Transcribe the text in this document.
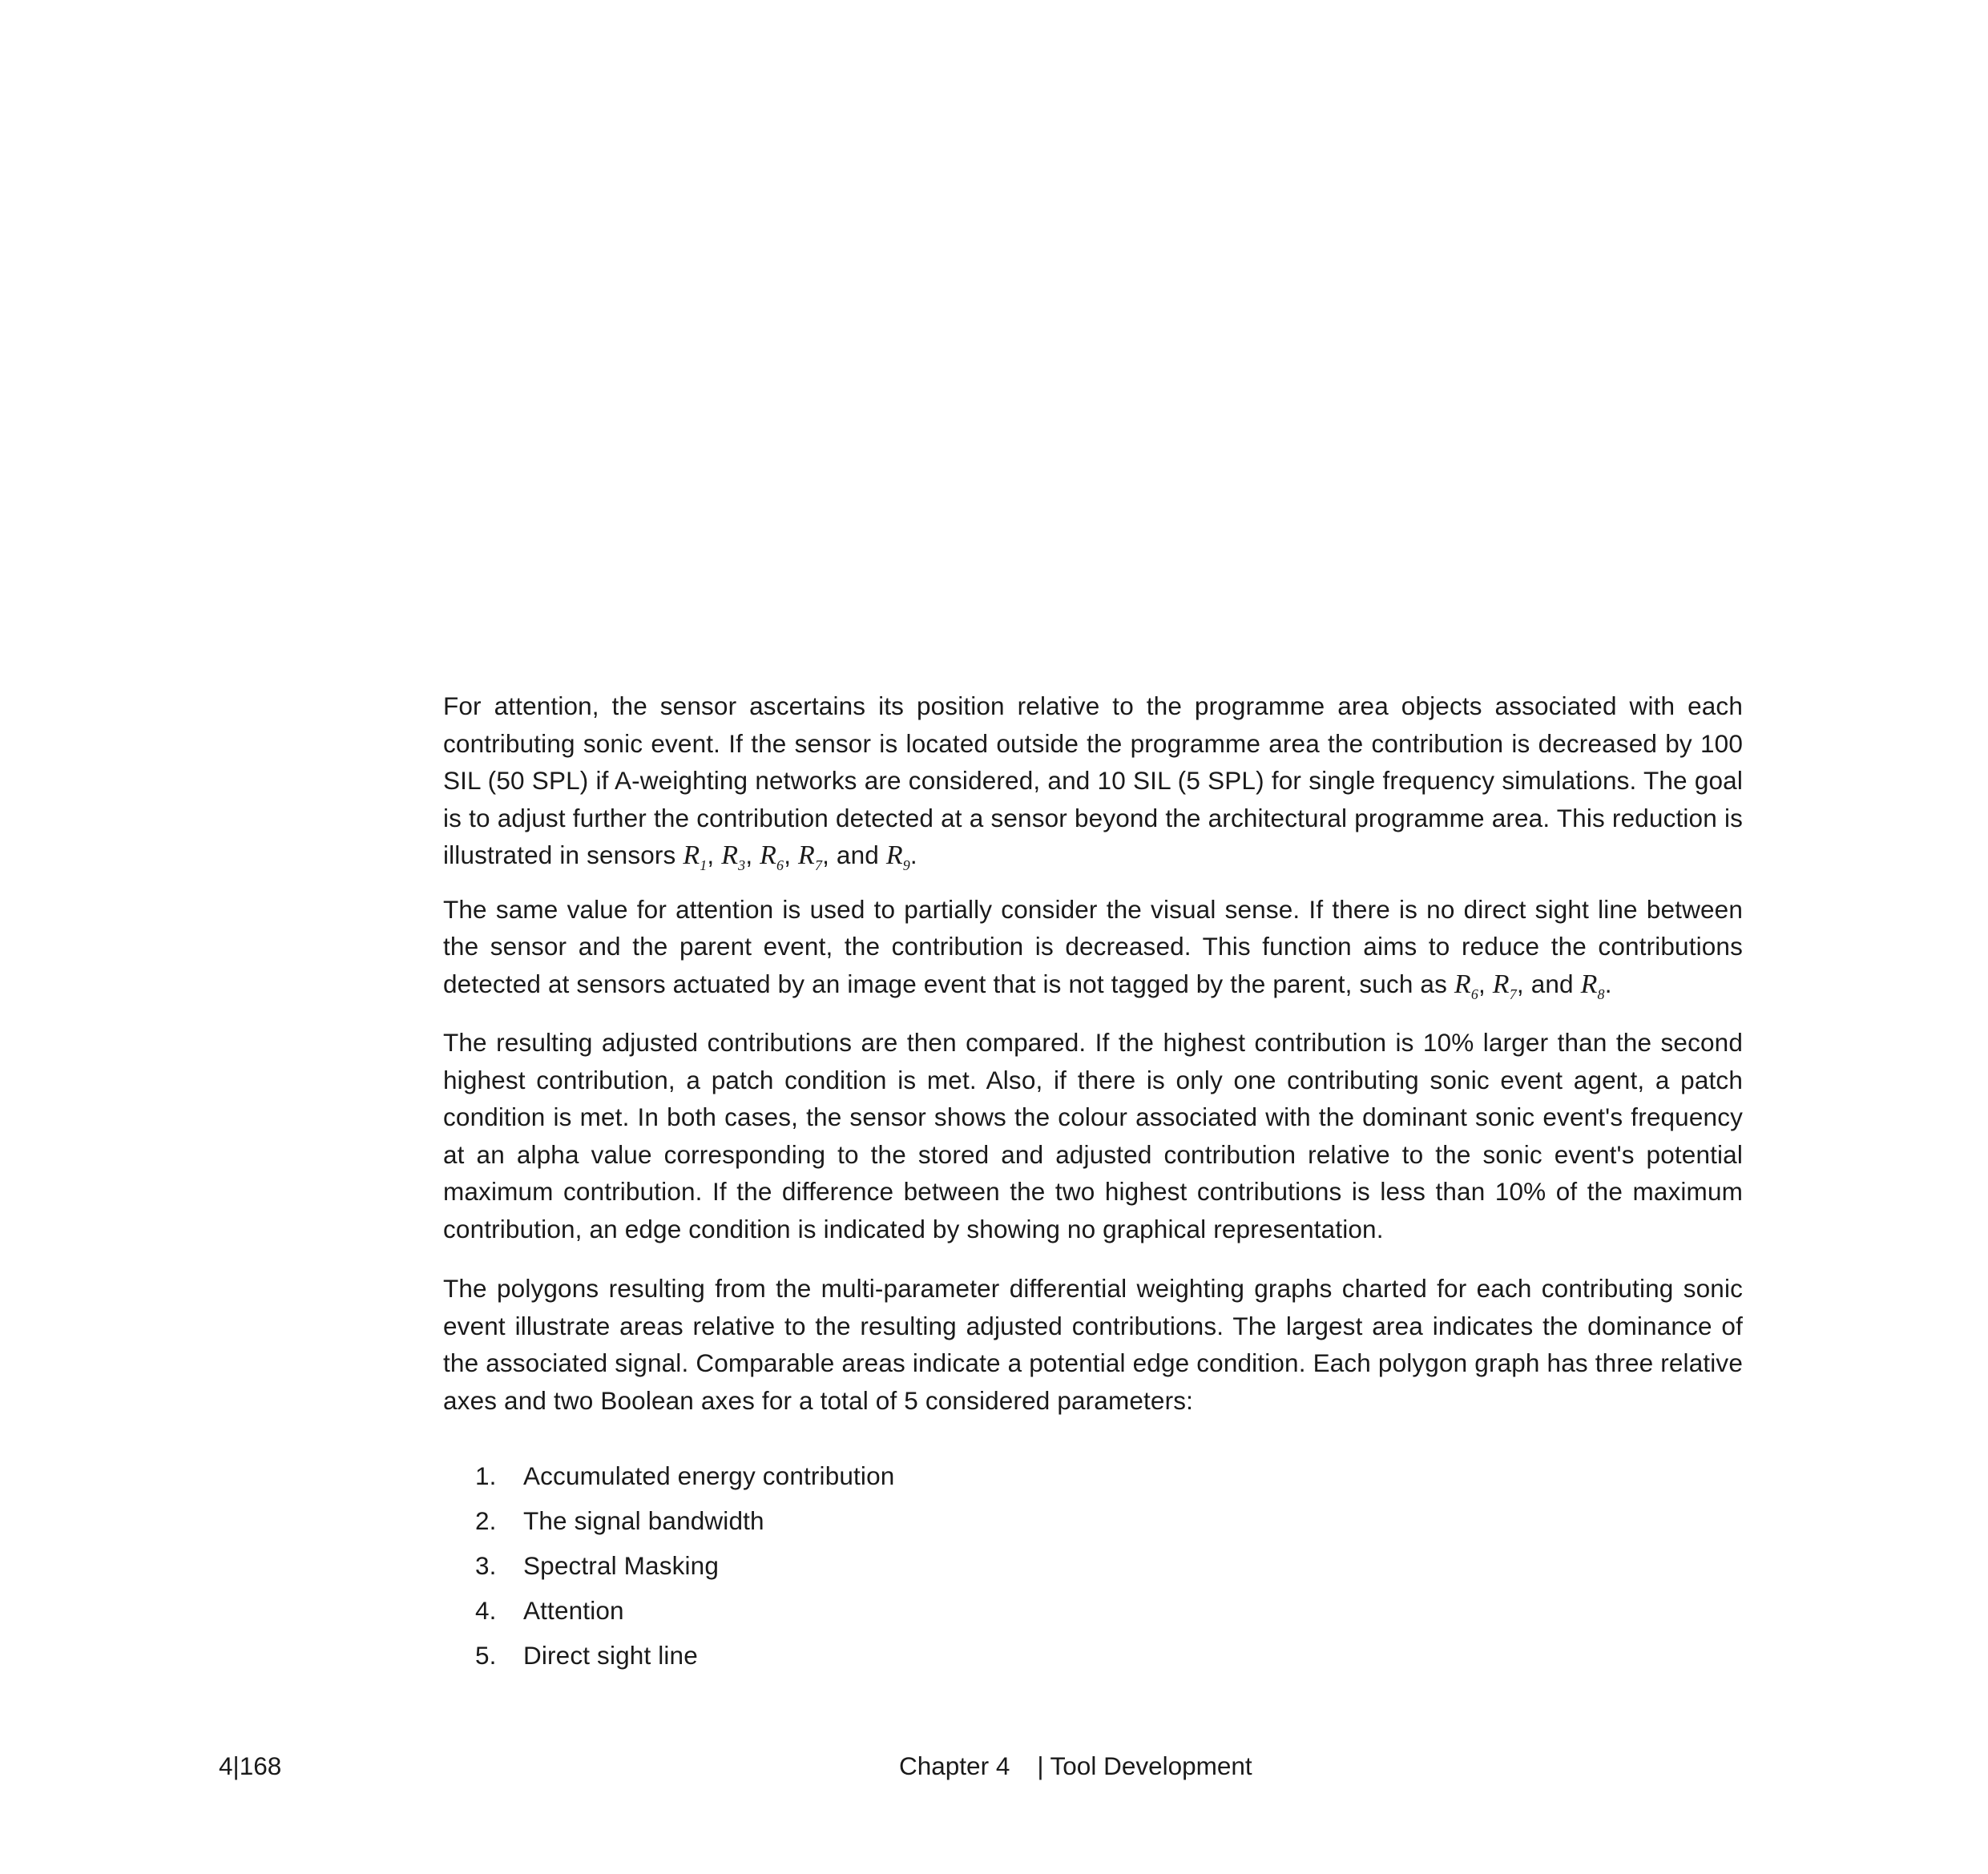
For attention, the sensor ascertains its position relative to the programme area objects associated with each contributing sonic event. If the sensor is located outside the programme area the contribution is decreased by 100 SIL (50 SPL) if A-weighting networks are considered, and 10 SIL (5 SPL) for single frequency simulations. The goal is to adjust further the contribution detected at a sensor beyond the architectural programme area. This reduction is illustrated in sensors $R_1$, $R_3$, $R_6$, $R_7$, and $R_9$.

The same value for attention is used to partially consider the visual sense. If there is no direct sight line between the sensor and the parent event, the contribution is decreased. This function aims to reduce the contributions detected at sensors actuated by an image event that is not tagged by the parent, such as $R_6$, $R_7$, and $R_8$.

The resulting adjusted contributions are then compared. If the highest contribution is 10% larger than the second highest contribution, a patch condition is met. Also, if there is only one contributing sonic event agent, a patch condition is met. In both cases, the sensor shows the colour associated with the dominant sonic event's frequency at an alpha value corresponding to the stored and adjusted contribution relative to the sonic event's potential maximum contribution. If the difference between the two highest contributions is less than 10% of the maximum contribution, an edge condition is indicated by showing no graphical representation.

The polygons resulting from the multi-parameter differential weighting graphs charted for each contributing sonic event illustrate areas relative to the resulting adjusted contributions. The largest area indicates the dominance of the associated signal. Comparable areas indicate a potential edge condition. Each polygon graph has three relative axes and two Boolean axes for a total of 5 considered parameters:

1. Accumulated energy contribution
2. The signal bandwidth
3. Spectral Masking
4. Attention
5. Direct sight line
4|168	Chapter 4 | Tool Development
